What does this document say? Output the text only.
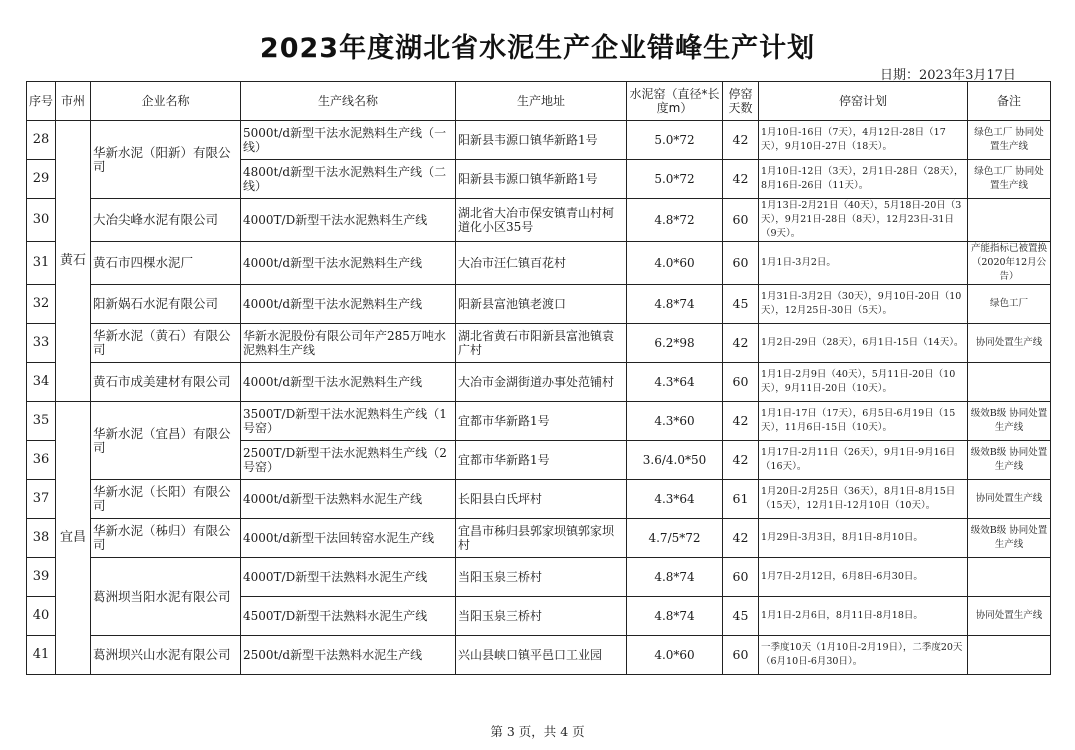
2023年度湖北省水泥生产企业错峰生产计划
日期：2023年3月17日
序号	市州	企业名称	生产线名称	生产地址	水泥窑（直径*长度m）	停窑天数	停窑计划	备注
28	黄石	华新水泥（阳新）有限公司	5000t/d新型干法水泥熟料生产线（一线）	阳新县韦源口镇华新路1号	5.0*72	42	1月10日-16日（7天），4月12日-28日（17天），9月10日-27日（18天）。	绿色工厂 协同处置生产线
29			4800t/d新型干法水泥熟料生产线（二线）	阳新县韦源口镇华新路1号	5.0*72	42	1月10日-12日（3天），2月1日-28日（28天），8月16日-26日（11天）。	绿色工厂 协同处置生产线
30		大冶尖峰水泥有限公司	4000T/D新型干法水泥熟料生产线	湖北省大冶市保安镇青山村柯道化小区35号	4.8*72	60	1月13日-2月21日（40天），5月18日-20日（3天），9月21日-28日（8天），12月23日-31日（9天）。	
31		黄石市四棵水泥厂	4000t/d新型干法水泥熟料生产线	大冶市汪仁镇百花村	4.0*60	60	1月1日-3月2日。	产能指标已被置换（2020年12月公告）
32		阳新娲石水泥有限公司	4000t/d新型干法水泥熟料生产线	阳新县富池镇老渡口	4.8*74	45	1月31日-3月2日（30天），9月10日-20日（10天），12月25日-30日（5天）。	绿色工厂
33		华新水泥（黄石）有限公司	华新水泥股份有限公司年产285万吨水泥熟料生产线	湖北省黄石市阳新县富池镇袁广村	6.2*98	42	1月2日-29日（28天），6月1日-15日（14天）。	协同处置生产线
34		黄石市成美建材有限公司	4000t/d新型干法水泥熟料生产线	大冶市金湖街道办事处范铺村	4.3*64	60	1月1日-2月9日（40天），5月11日-20日（10天），9月11日-20日（10天）。	
35	宜昌	华新水泥（宜昌）有限公司	3500T/D新型干法水泥熟料生产线（1号窑）	宜都市华新路1号	4.3*60	42	1月1日-17日（17天），6月5日-6月19日（15天），11月6日-15日（10天）。	级效B级 协同处置生产线
36			2500T/D新型干法水泥熟料生产线（2号窑）	宜都市华新路1号	3.6/4.0*50	42	1月17日-2月11日（26天），9月1日-9月16日（16天）。	级效B级 协同处置生产线
37		华新水泥（长阳）有限公司	4000t/d新型干法熟料水泥生产线	长阳县白氏坪村	4.3*64	61	1月20日-2月25日（36天），8月1日-8月15日（15天），12月1日-12月10日（10天）。	协同处置生产线
38		华新水泥（秭归）有限公司	4000t/d新型干法回转窑水泥生产线	宜昌市秭归县郭家坝镇郭家坝村	4.7/5*72	42	1月29日-3月3日，8月1日-8月10日。	级效B级 协同处置生产线
39		葛洲坝当阳水泥有限公司	4000T/D新型干法熟料水泥生产线	当阳玉泉三桥村	4.8*74	60	1月7日-2月12日，6月8日-6月30日。	
40			4500T/D新型干法熟料水泥生产线	当阳玉泉三桥村	4.8*74	45	1月1日-2月6日，8月11日-8月18日。	协同处置生产线
41		葛洲坝兴山水泥有限公司	2500t/d新型干法熟料水泥生产线	兴山县峡口镇平邑口工业园	4.0*60	60	一季度10天（1月10日-2月19日），二季度20天（6月10日-6月30日）。	
第 3 页，共 4 页
